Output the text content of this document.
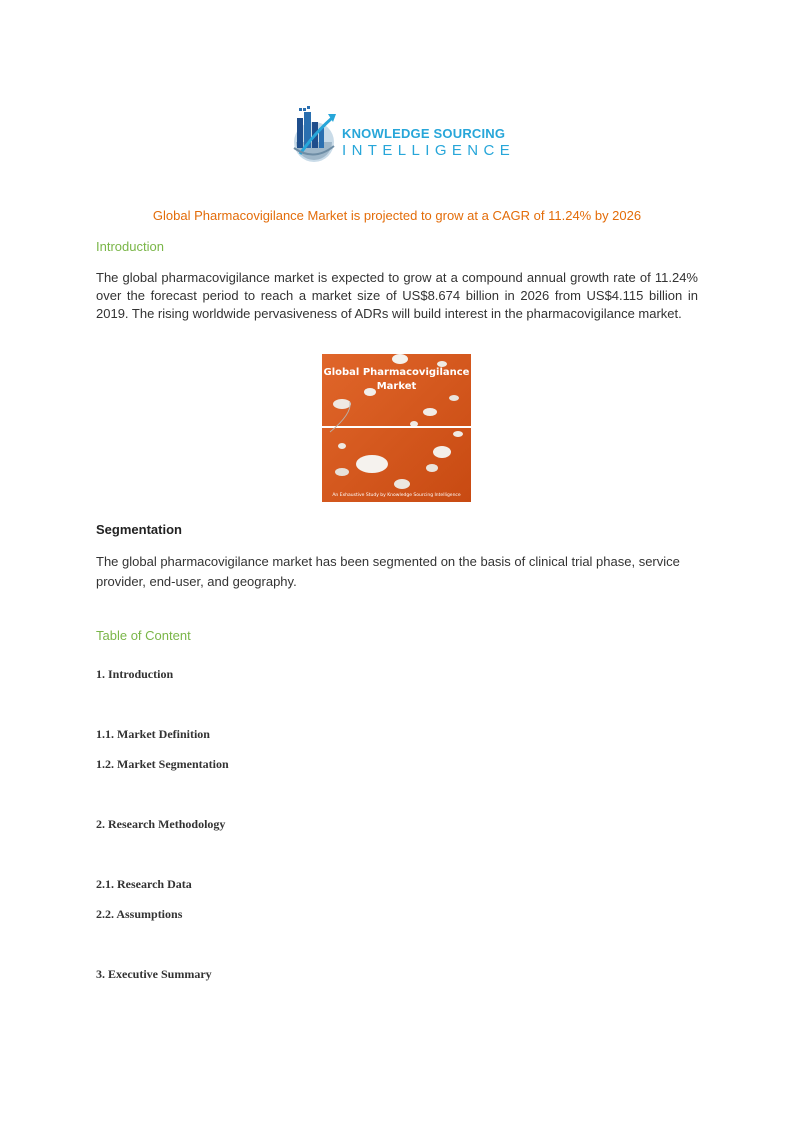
KNOWLEDGE SOURCING
INTELLIGENCE
Global Pharmacovigilance Market is projected to grow at a CAGR of 11.24% by 2026
Introduction
The global pharmacovigilance market is expected to grow at a compound annual growth rate of 11.24% over the forecast period to reach a market size of US$8.674 billion in 2026 from US$4.115 billion in 2019. The rising worldwide pervasiveness of ADRs will build interest in the pharmacovigilance market.
Global Pharmacovigilance Market
An Exhaustive Study by Knowledge Sourcing Intelligence
Segmentation
The global pharmacovigilance market has been segmented on the basis of clinical trial phase, service provider, end-user, and geography.
Table of Content
1. Introduction
1.1. Market Definition
1.2. Market Segmentation
2. Research Methodology
2.1. Research Data
2.2. Assumptions
3. Executive Summary
